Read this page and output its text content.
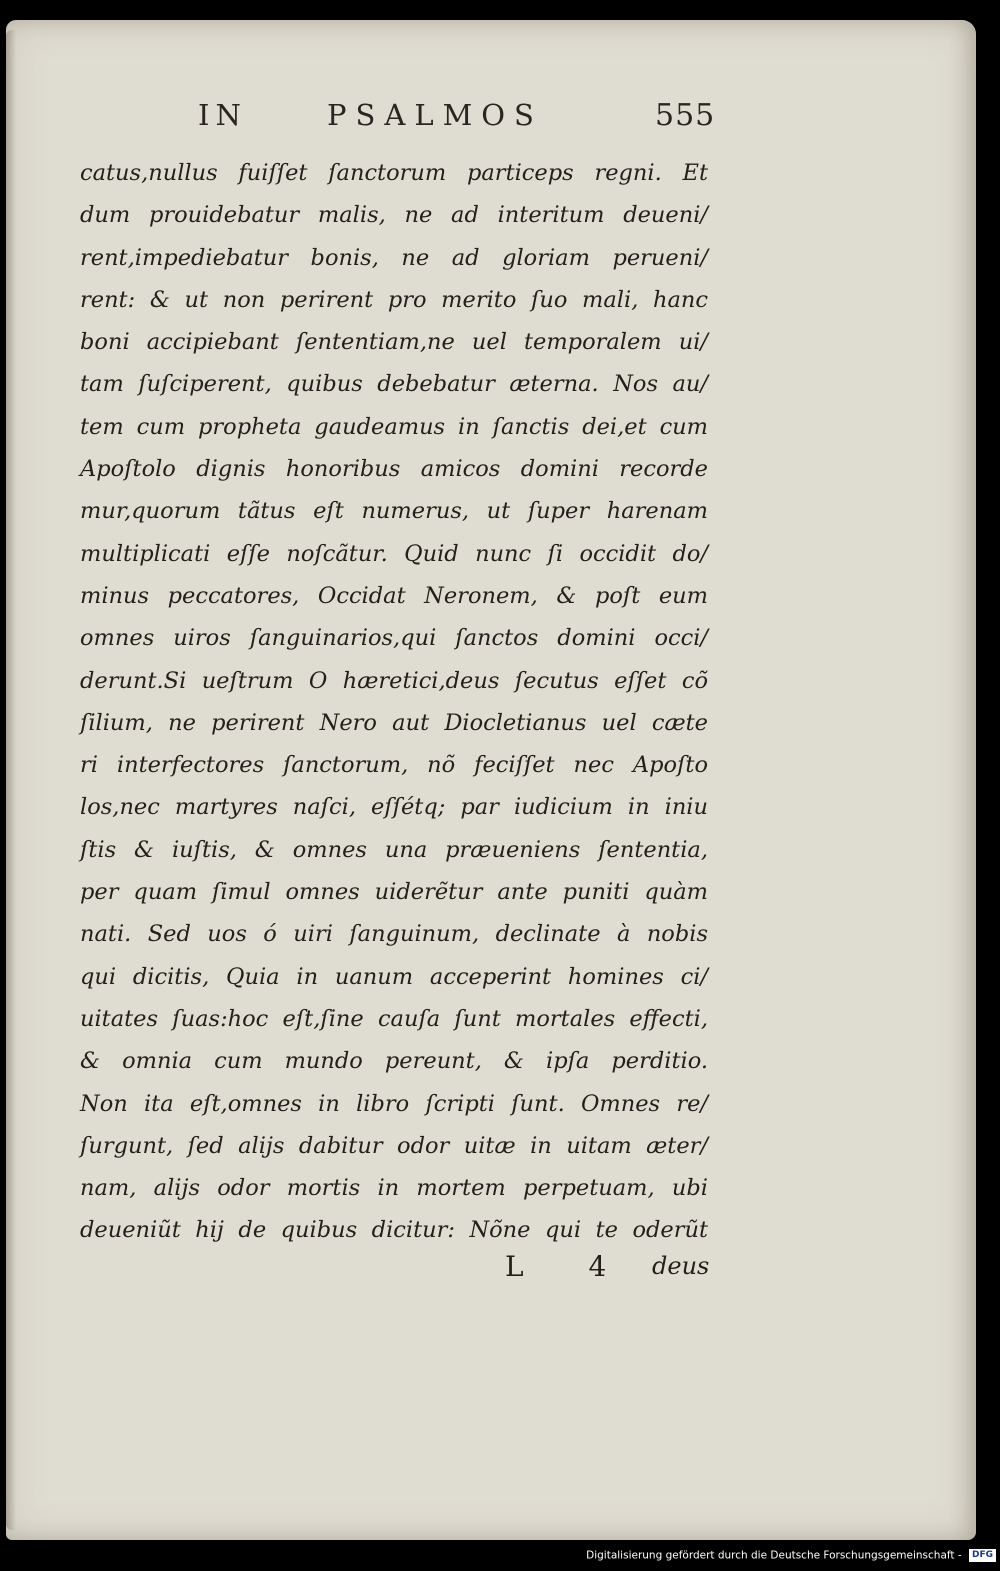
IN	PSALMOS	555
catus,nullus fuiſſet ſanctorum particeps regni. Et
dum prouidebatur malis, ne ad interitum deueni/
rent,impediebatur bonis, ne ad gloriam perueni/
rent: & ut non perirent pro merito ſuo mali, hanc
boni accipiebant ſententiam,ne uel temporalem ui/
tam ſuſciperent, quibus debebatur æterna. Nos au/
tem cum propheta gaudeamus in ſanctis dei,et cum
Apoſtolo dignis honoribus amicos domini recorde
mur,quorum tãtus eſt numerus, ut ſuper harenam
multiplicati eſſe noſcãtur. Quid nunc ſi occidit do/
minus peccatores, Occidat Neronem, & poſt eum
omnes uiros ſanguinarios,qui ſanctos domini occi/
derunt.Si ueſtrum O hæretici,deus ſecutus eſſet cõ
ſilium, ne perirent Nero aut Diocletianus uel cæte
ri interfectores ſanctorum, nõ feciſſet nec Apoſto
los,nec martyres naſci, eſſétq; par iudicium in iniu
ſtis & iuſtis, & omnes una præueniens ſententia,
per quam ſimul omnes uiderẽtur ante puniti quàm
nati. Sed uos ó uiri ſanguinum, declinate à nobis
qui dicitis, Quia in uanum acceperint homines ci/
uitates ſuas:hoc eſt,ſine cauſa ſunt mortales effecti,
& omnia cum mundo pereunt, & ipſa perditio.
Non ita eſt,omnes in libro ſcripti ſunt. Omnes re/
ſurgunt, ſed alijs dabitur odor uitæ in uitam æter/
nam, alijs odor mortis in mortem perpetuam, ubi
deueniũt hij de quibus dicitur: Nõne qui te oderũt
L 4 deus
Digitalisierung gefördert durch die Deutsche Forschungsgemeinschaft - DFG
